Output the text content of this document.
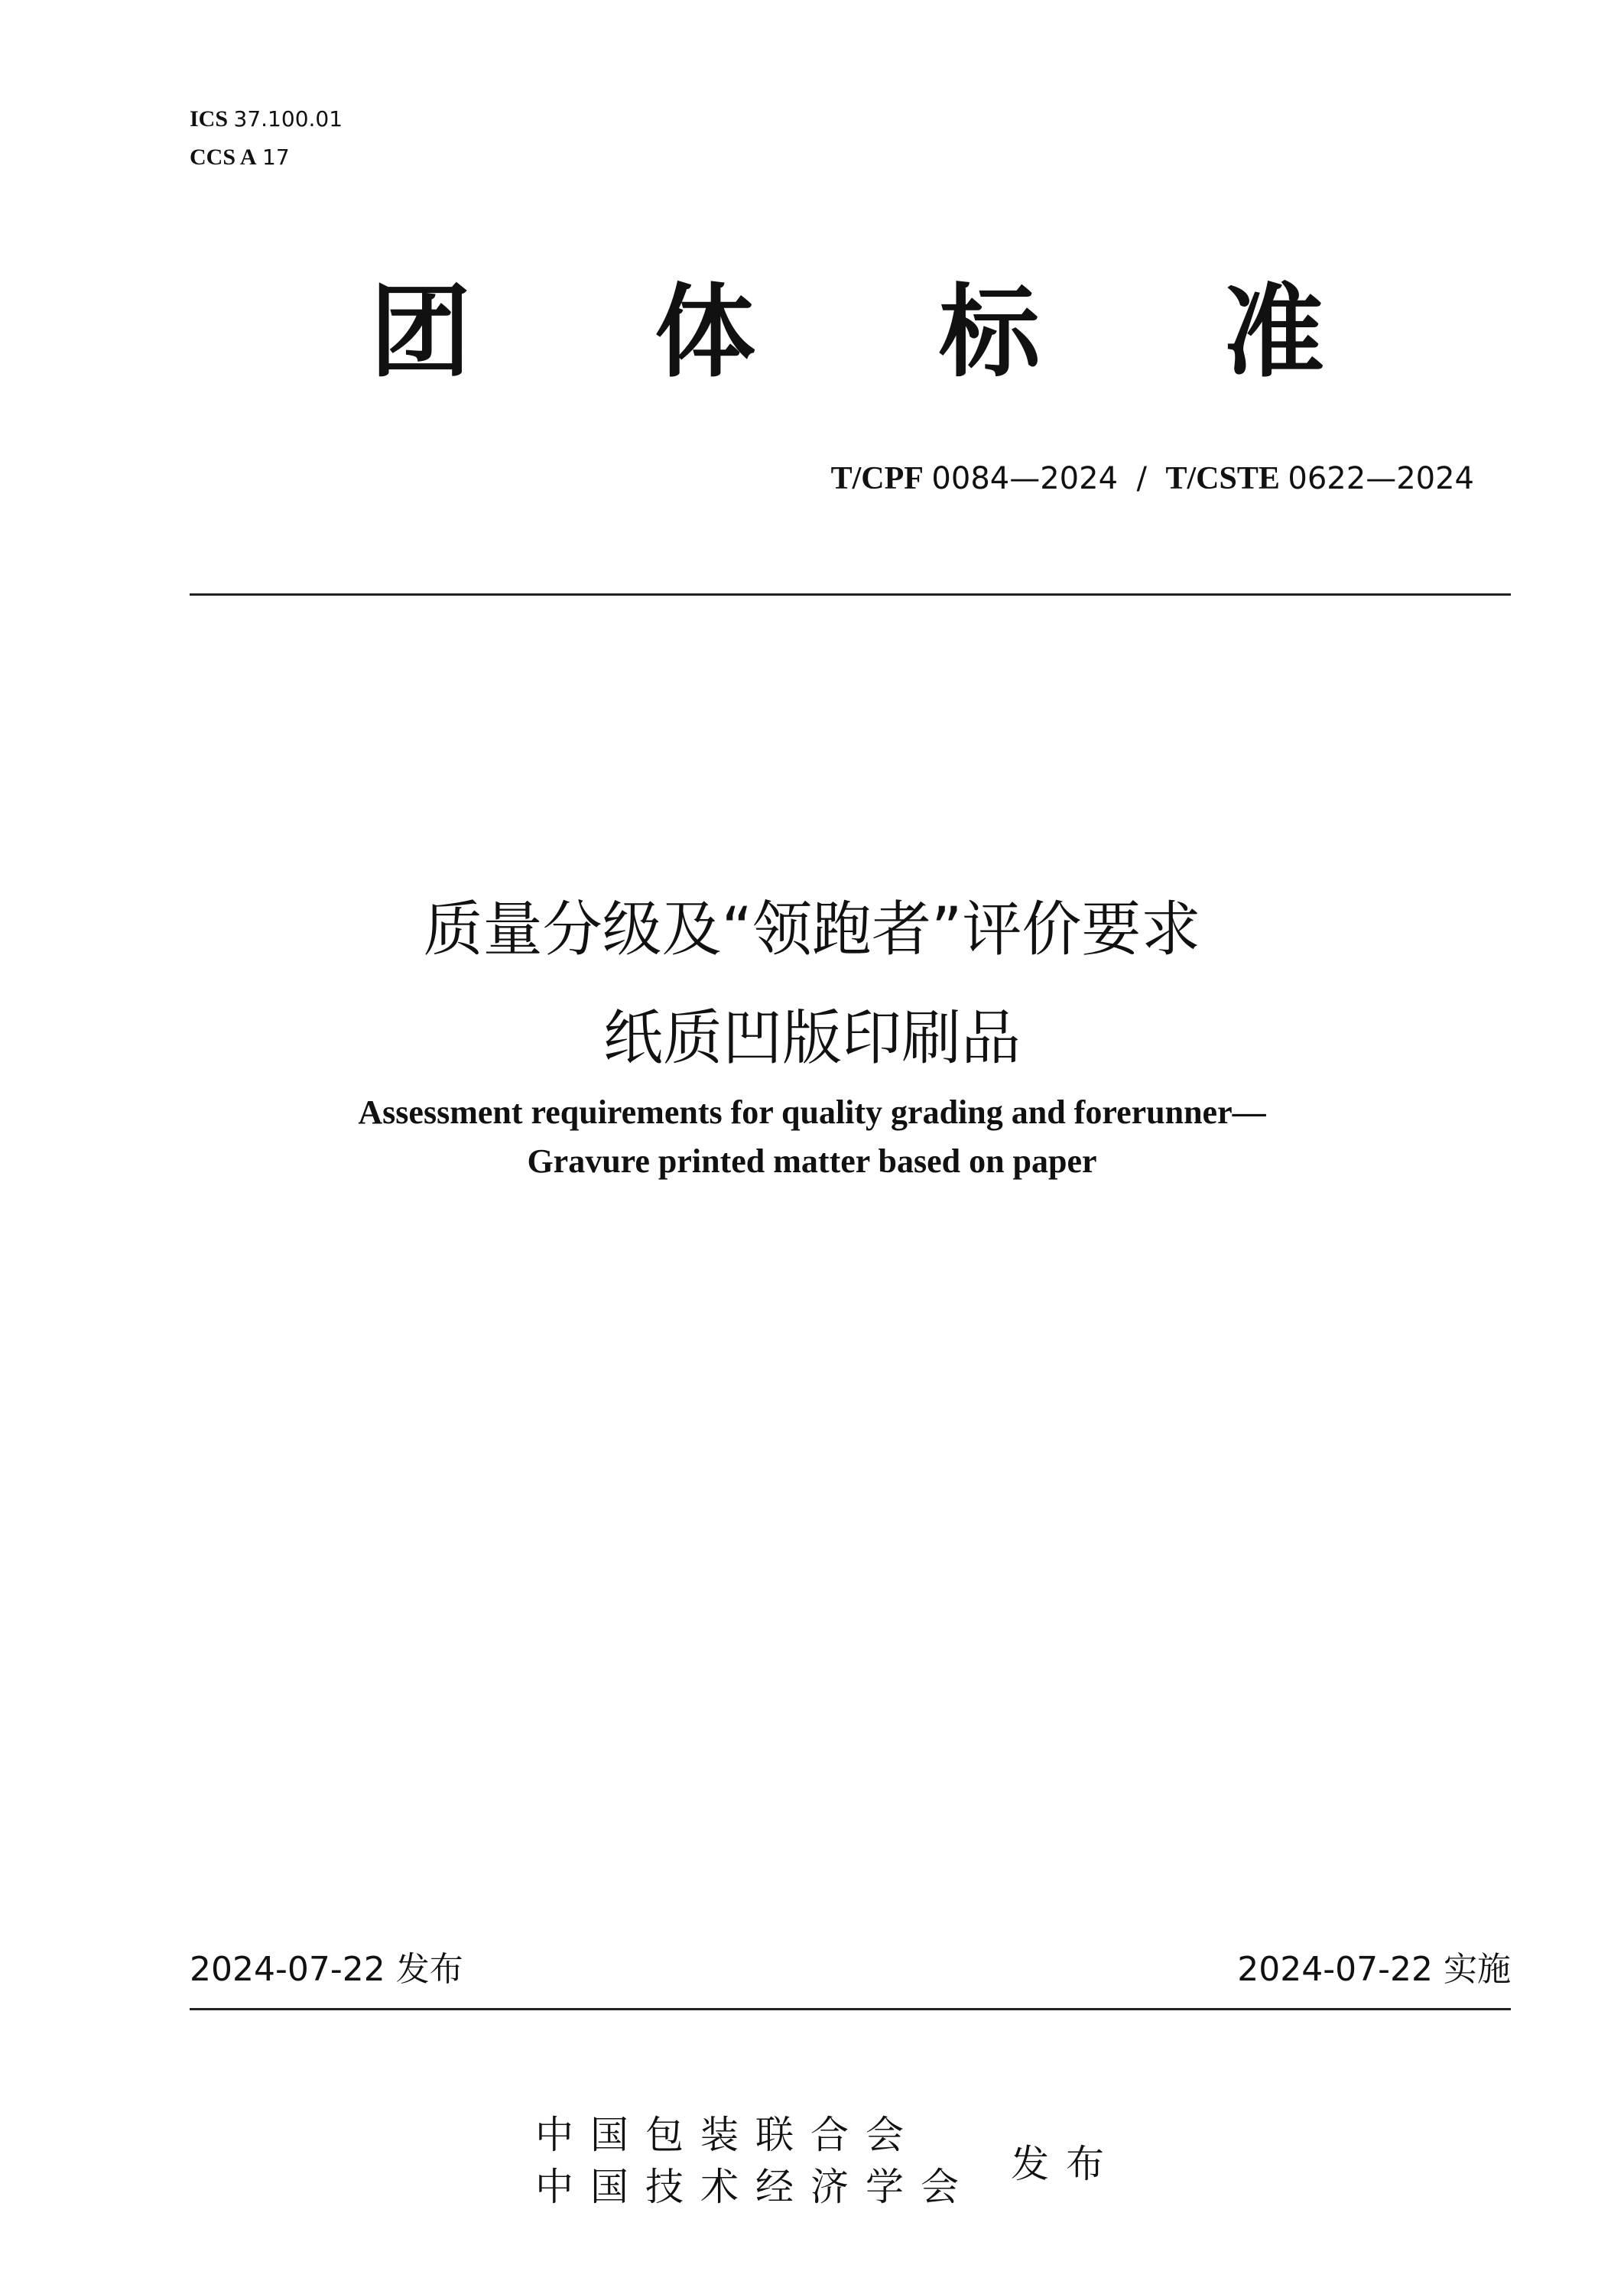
ICS 37.100.01
CCS A 17
团 体 标 准
T/CPF 0084—2024 / T/CSTE 0622—2024
质量分级及“领跑者”评价要求
纸质凹版印刷品
Assessment requirements for quality grading and forerunner—
Gravure printed matter based on paper
2024-07-22 发布	2024-07-22 实施
中国包装联合会
中国技术经济学会
发布
